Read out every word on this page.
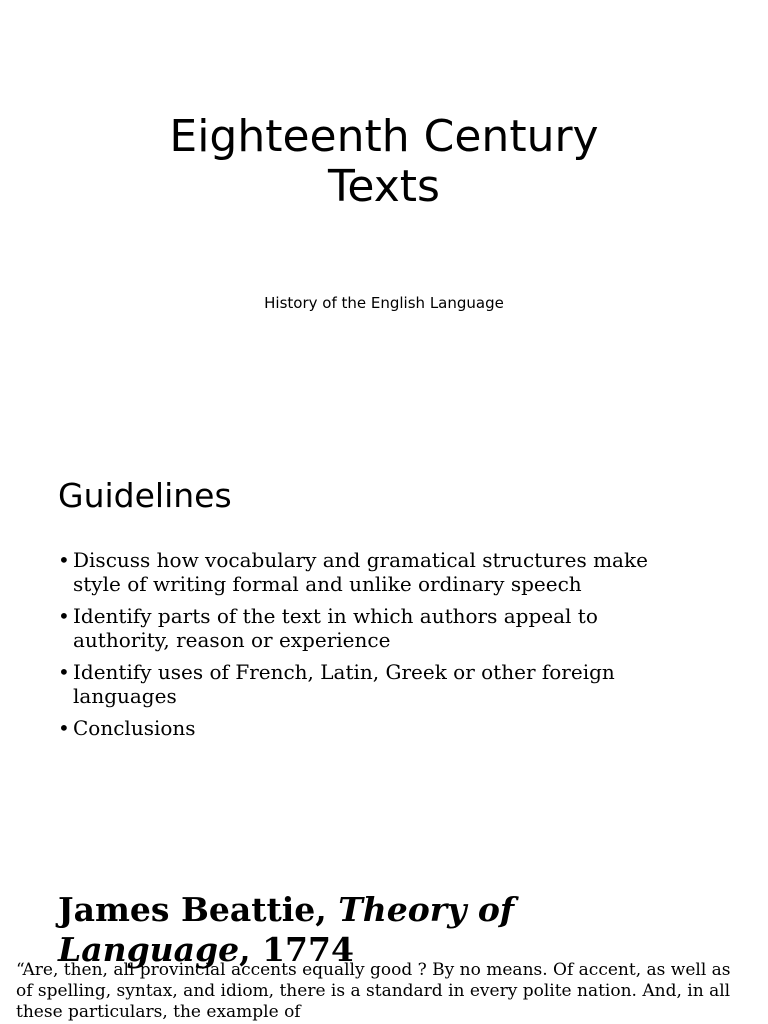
Eighteenth Century
Texts
History of the English Language
Guidelines
• Discuss how vocabulary and gramatical structures make style of writing formal and unlike ordinary speech
• Identify parts of the text in which authors appeal to authority, reason or experience
• Identify uses of French, Latin, Greek or other foreign languages
• Conclusions
James Beattie, Theory of Language, 1774

“Are, then, all provincial accents equally good ? By no means. Of accent, as well as of spelling, syntax, and idiom, there is a standard in every polite nation. And, in all these particulars, the example of
